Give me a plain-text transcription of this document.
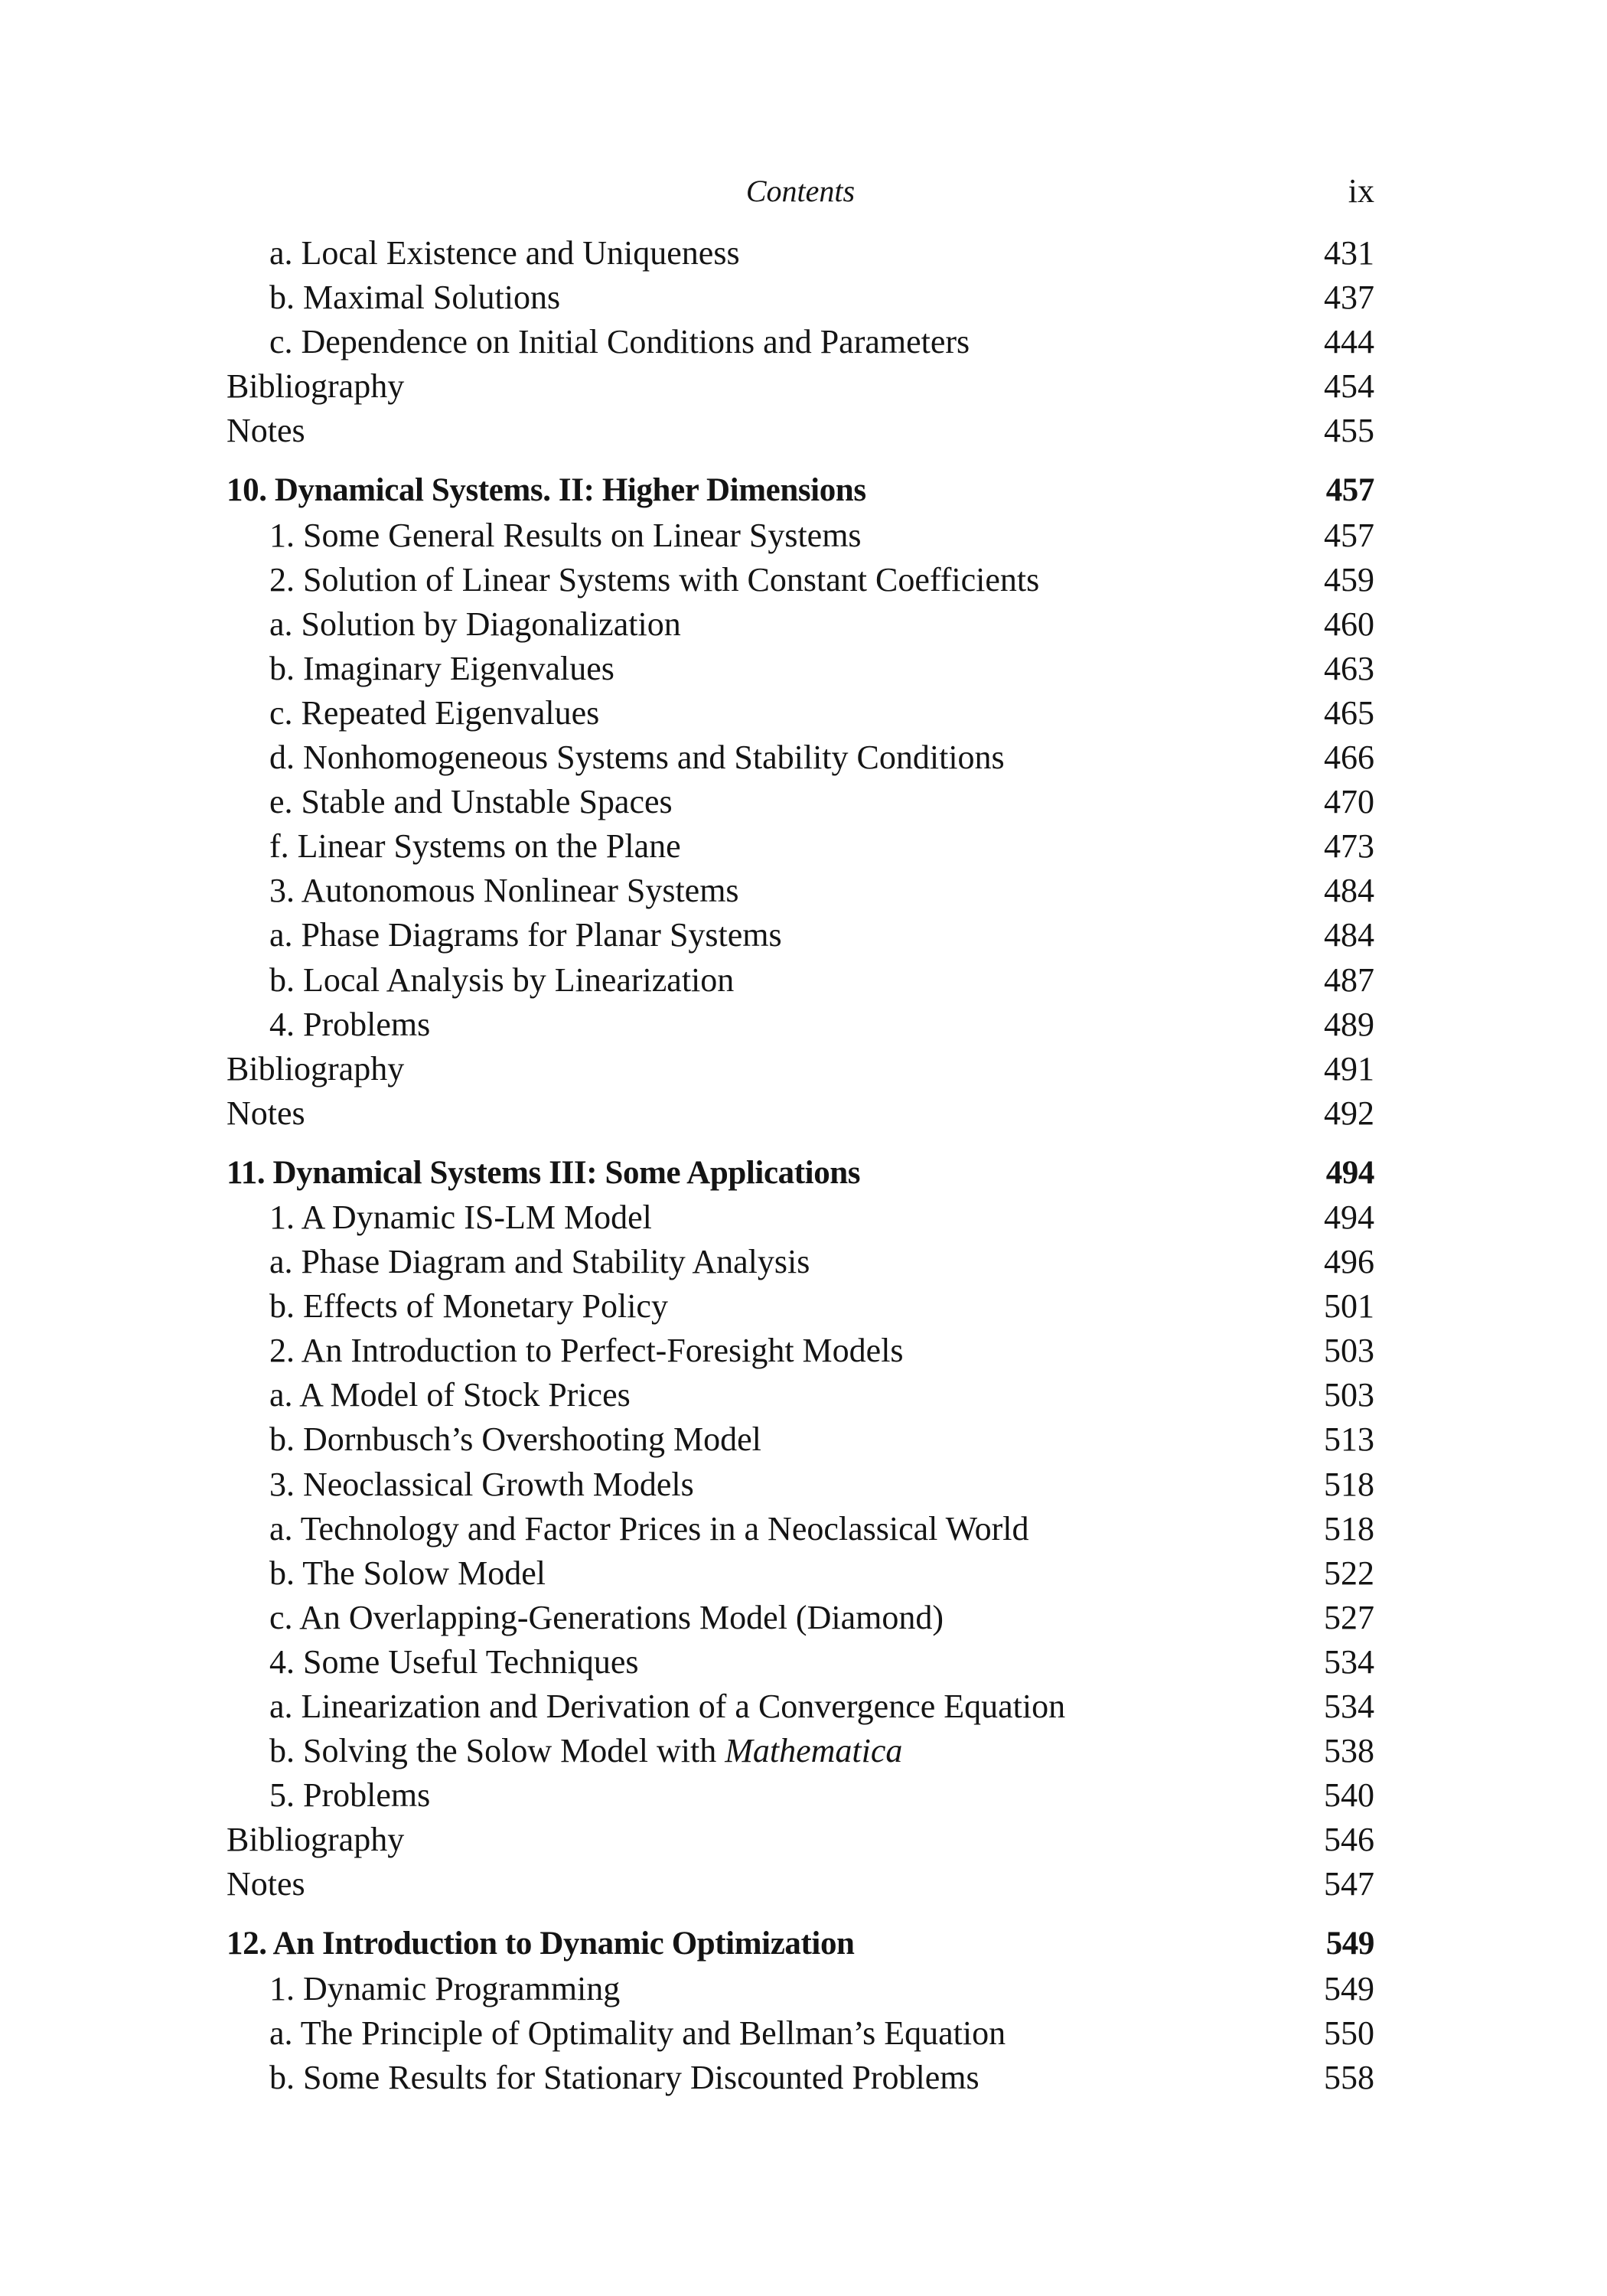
Contents	ix
a. Local Existence and Uniqueness	431
b. Maximal Solutions	437
c. Dependence on Initial Conditions and Parameters	444
Bibliography	454
Notes	455
10. Dynamical Systems. II: Higher Dimensions	457
1. Some General Results on Linear Systems	457
2. Solution of Linear Systems with Constant Coefficients	459
a. Solution by Diagonalization	460
b. Imaginary Eigenvalues	463
c. Repeated Eigenvalues	465
d. Nonhomogeneous Systems and Stability Conditions	466
e. Stable and Unstable Spaces	470
f. Linear Systems on the Plane	473
3. Autonomous Nonlinear Systems	484
a. Phase Diagrams for Planar Systems	484
b. Local Analysis by Linearization	487
4. Problems	489
Bibliography	491
Notes	492
11. Dynamical Systems III: Some Applications	494
1. A Dynamic IS-LM Model	494
a. Phase Diagram and Stability Analysis	496
b. Effects of Monetary Policy	501
2. An Introduction to Perfect-Foresight Models	503
a. A Model of Stock Prices	503
b. Dornbusch’s Overshooting Model	513
3. Neoclassical Growth Models	518
a. Technology and Factor Prices in a Neoclassical World	518
b. The Solow Model	522
c. An Overlapping-Generations Model (Diamond)	527
4. Some Useful Techniques	534
a. Linearization and Derivation of a Convergence Equation	534
b. Solving the Solow Model with Mathematica	538
5. Problems	540
Bibliography	546
Notes	547
12. An Introduction to Dynamic Optimization	549
1. Dynamic Programming	549
a. The Principle of Optimality and Bellman’s Equation	550
b. Some Results for Stationary Discounted Problems	558
